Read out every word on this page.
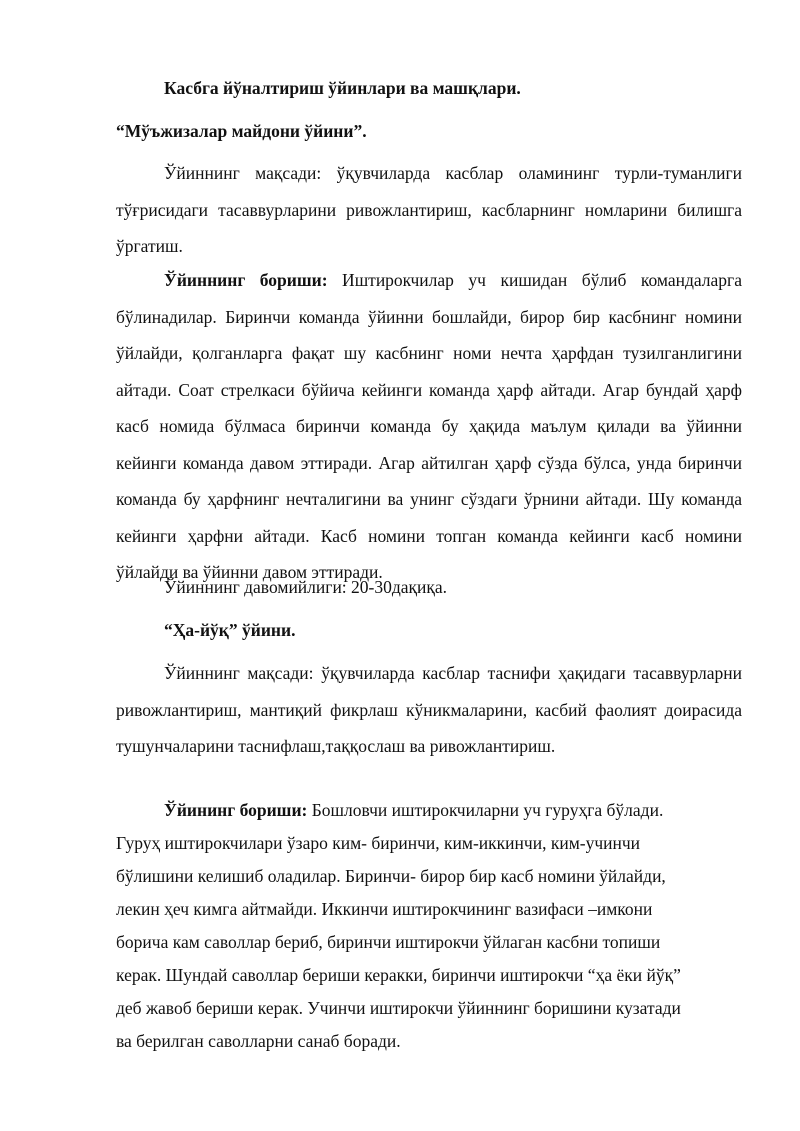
Касбга йўналтириш ўйинлари ва машқлари.

“Мўъжизалар майдони ўйини”.

Ўйиннинг мақсади: ўқувчиларда касблар оламининг турли-туманлиги тўғрисидаги тасаввурларини ривожлантириш, касбларнинг номларини билишга ўргатиш.

Ўйиннинг бориши: Иштирокчилар уч кишидан бўлиб командаларга бўлинадилар. Биринчи команда ўйинни бошлайди, бирор бир касбнинг номини ўйлайди, қолганларга фақат шу касбнинг номи нечта ҳарфдан тузилганлигини айтади. Соат стрелкаси бўйича кейинги команда ҳарф айтади. Агар бундай ҳарф касб номида бўлмаса биринчи команда бу ҳақида маълум қилади ва ўйинни кейинги команда давом эттиради. Агар айтилган ҳарф сўзда бўлса, унда биринчи команда бу ҳарфнинг нечталигини ва унинг сўздаги ўрнини айтади. Шу команда кейинги ҳарфни айтади. Касб номини топган команда кейинги касб номини ўйлайди ва ўйинни давом эттиради.

Ўйиннинг давомийлиги: 20-30дақиқа.

“Ҳа-йўқ” ўйини.

Ўйиннинг мақсади: ўқувчиларда касблар таснифи ҳақидаги тасаввурларни ривожлантириш, мантиқий фикрлаш кўникмаларини, касбий фаолият доирасида тушунчаларини таснифлаш,таққослаш ва ривожлантириш.

Ўйининг бориши: Бошловчи иштирокчиларни уч гуруҳга бўлади.
Гуруҳ иштирокчилари ўзаро ким- биринчи, ким-иккинчи, ким-учинчи
бўлишини келишиб оладилар. Биринчи- бирор бир касб номини ўйлайди,
лекин ҳеч кимга айтмайди. Иккинчи иштирокчининг вазифаси –имкони
борича кам саволлар бериб, биринчи иштирокчи ўйлаган касбни топиши
керак. Шундай саволлар бериши керакки, биринчи иштирокчи “ҳа ёки йўқ”
деб жавоб бериши керак. Учинчи иштирокчи ўйиннинг боришини кузатади
ва берилган саволларни санаб боради.
